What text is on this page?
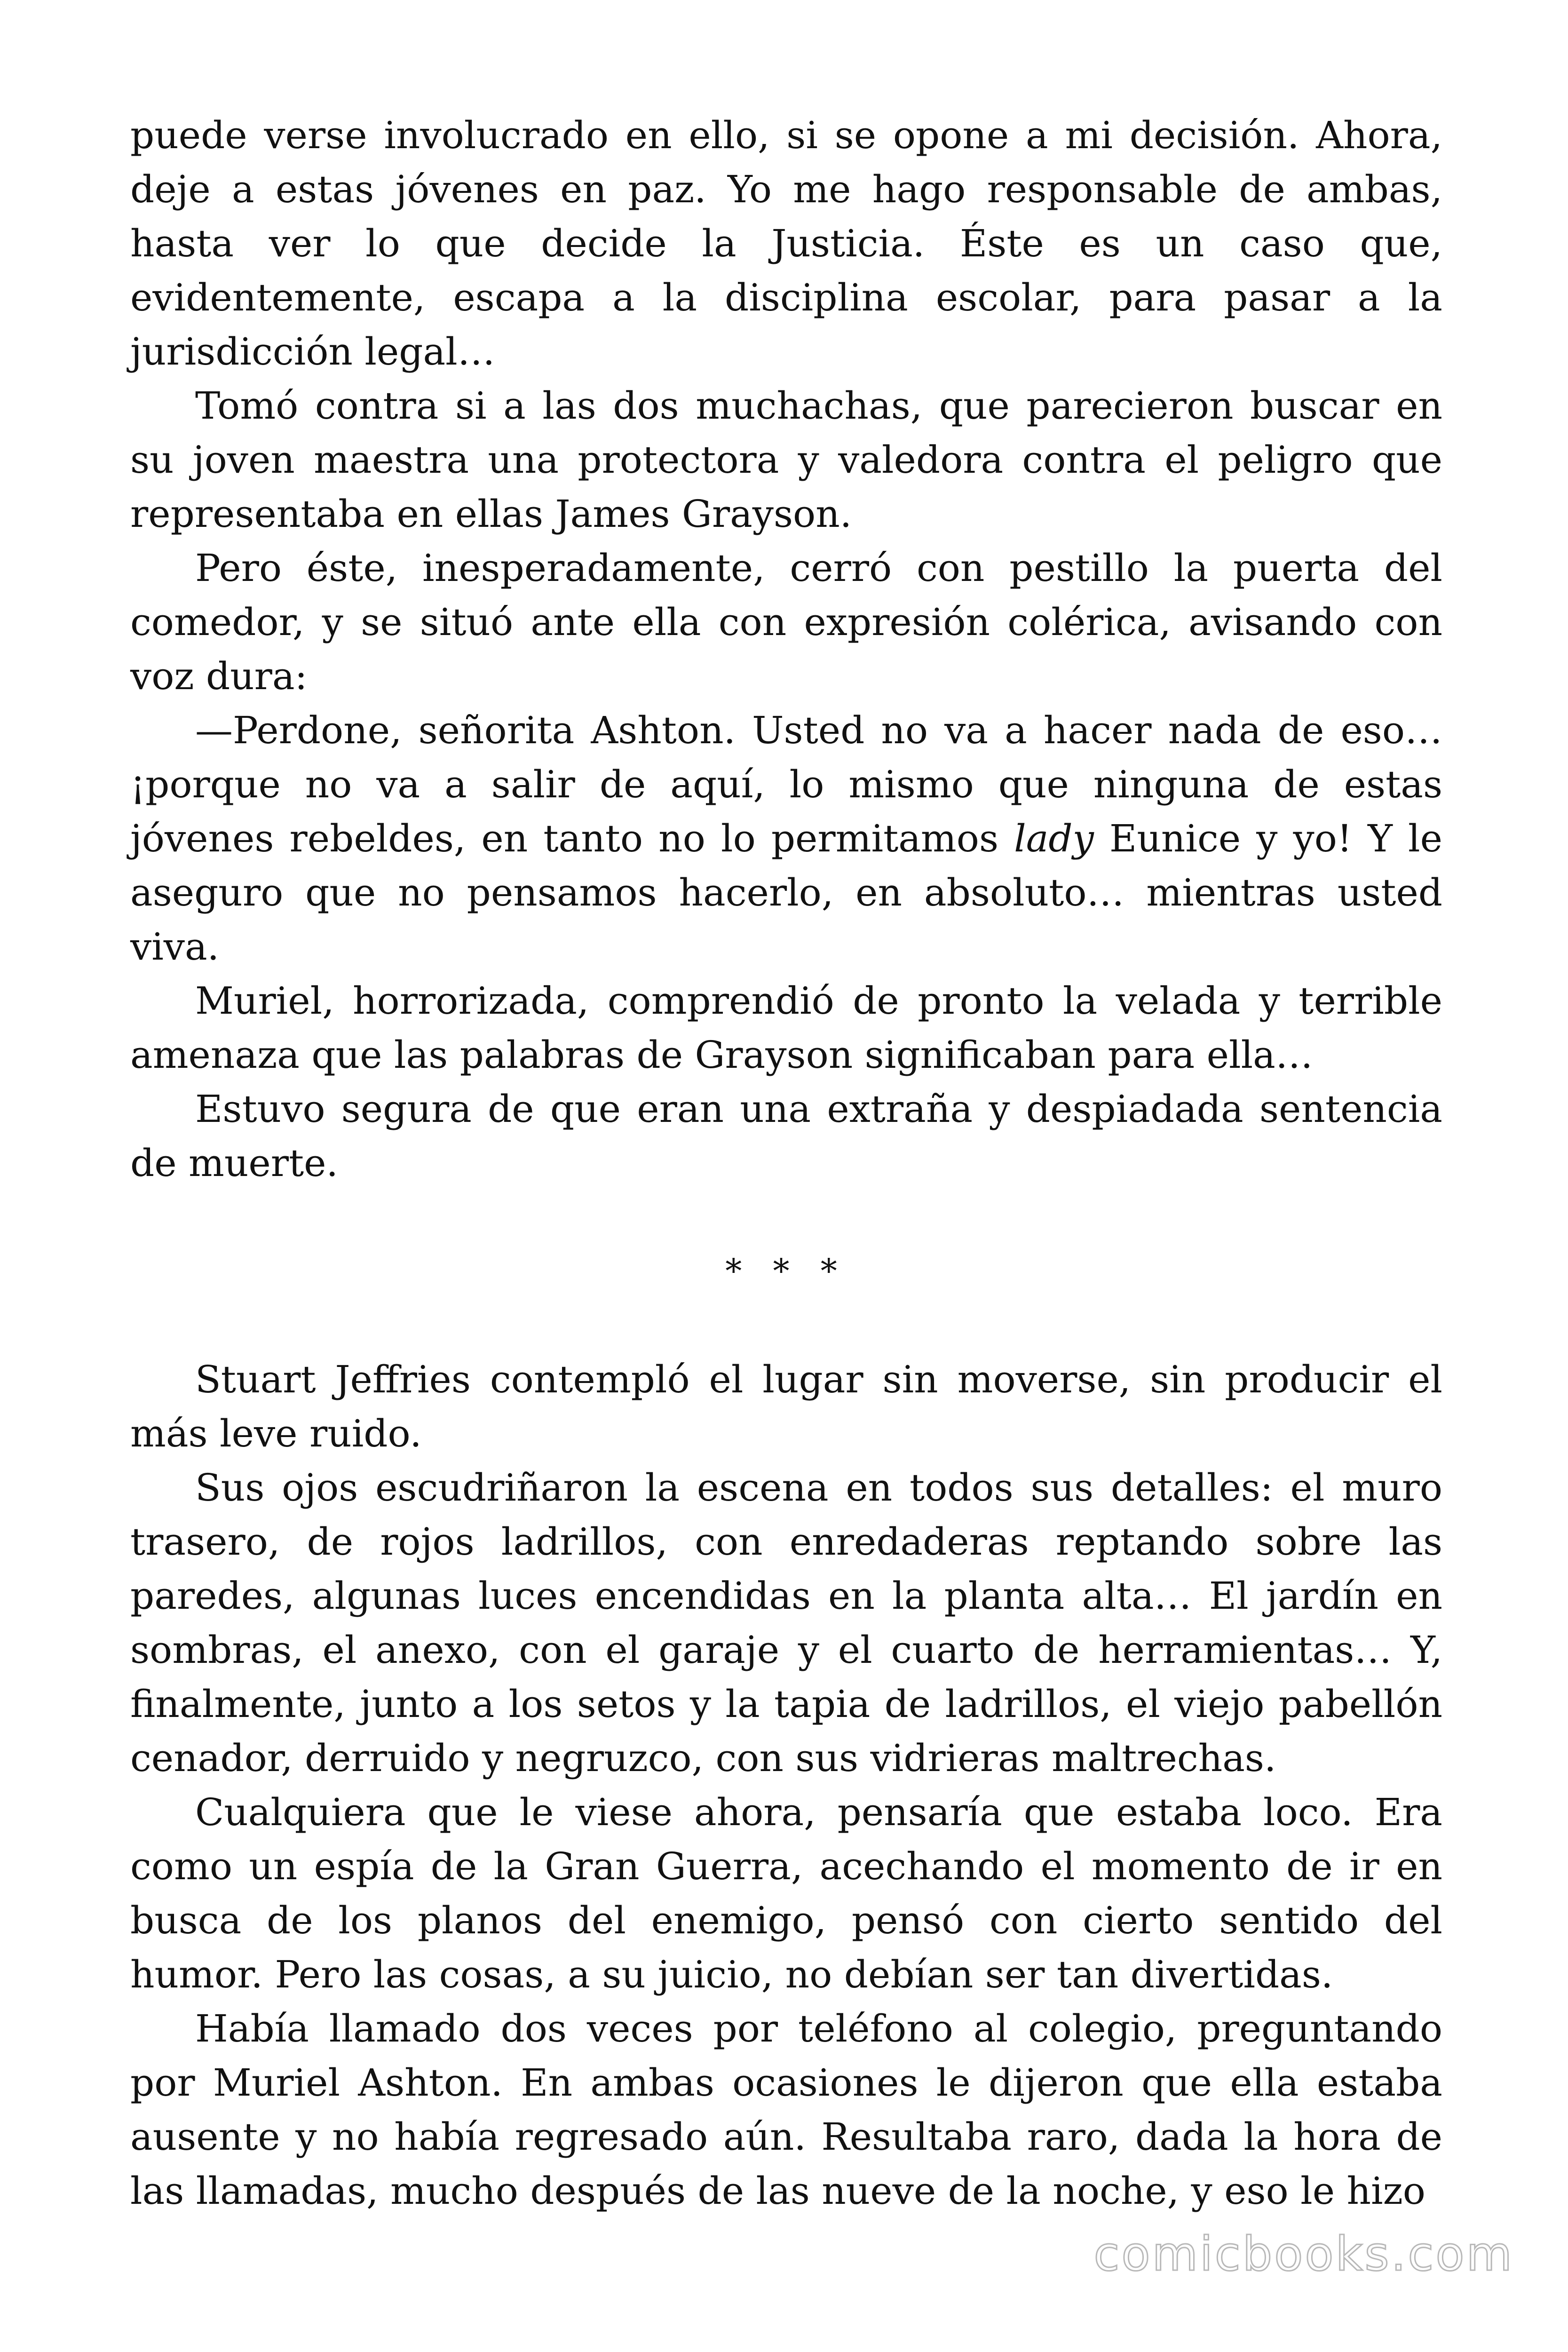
puede verse involucrado en ello, si se opone a mi decisión. Ahora, deje a estas jóvenes en paz. Yo me hago responsable de ambas, hasta ver lo que decide la Justicia. Éste es un caso que, evidentemente, escapa a la disciplina escolar, para pasar a la jurisdicción legal…

Tomó contra si a las dos muchachas, que parecieron buscar en su joven maestra una protectora y valedora contra el peligro que representaba en ellas James Grayson.

Pero éste, inesperadamente, cerró con pestillo la puerta del comedor, y se situó ante ella con expresión colérica, avisando con voz dura:

—Perdone, señorita Ashton. Usted no va a hacer nada de eso… ¡porque no va a salir de aquí, lo mismo que ninguna de estas jóvenes rebeldes, en tanto no lo permitamos lady Eunice y yo! Y le aseguro que no pensamos hacerlo, en absoluto… mientras usted viva.

Muriel, horrorizada, comprendió de pronto la velada y terrible amenaza que las palabras de Grayson significaban para ella…

Estuvo segura de que eran una extraña y despiadada sentencia de muerte.

* * *

Stuart Jeffries contempló el lugar sin moverse, sin producir el más leve ruido.

Sus ojos escudriñaron la escena en todos sus detalles: el muro trasero, de rojos ladrillos, con enredaderas reptando sobre las paredes, algunas luces encendidas en la planta alta… El jardín en sombras, el anexo, con el garaje y el cuarto de herramientas… Y, finalmente, junto a los setos y la tapia de ladrillos, el viejo pabellón cenador, derruido y negruzco, con sus vidrieras maltrechas.

Cualquiera que le viese ahora, pensaría que estaba loco. Era como un espía de la Gran Guerra, acechando el momento de ir en busca de los planos del enemigo, pensó con cierto sentido del humor. Pero las cosas, a su juicio, no debían ser tan divertidas.

Había llamado dos veces por teléfono al colegio, preguntando por Muriel Ashton. En ambas ocasiones le dijeron que ella estaba ausente y no había regresado aún. Resultaba raro, dada la hora de las llamadas, mucho después de las nueve de la noche, y eso le hizo

comicbooks.com
